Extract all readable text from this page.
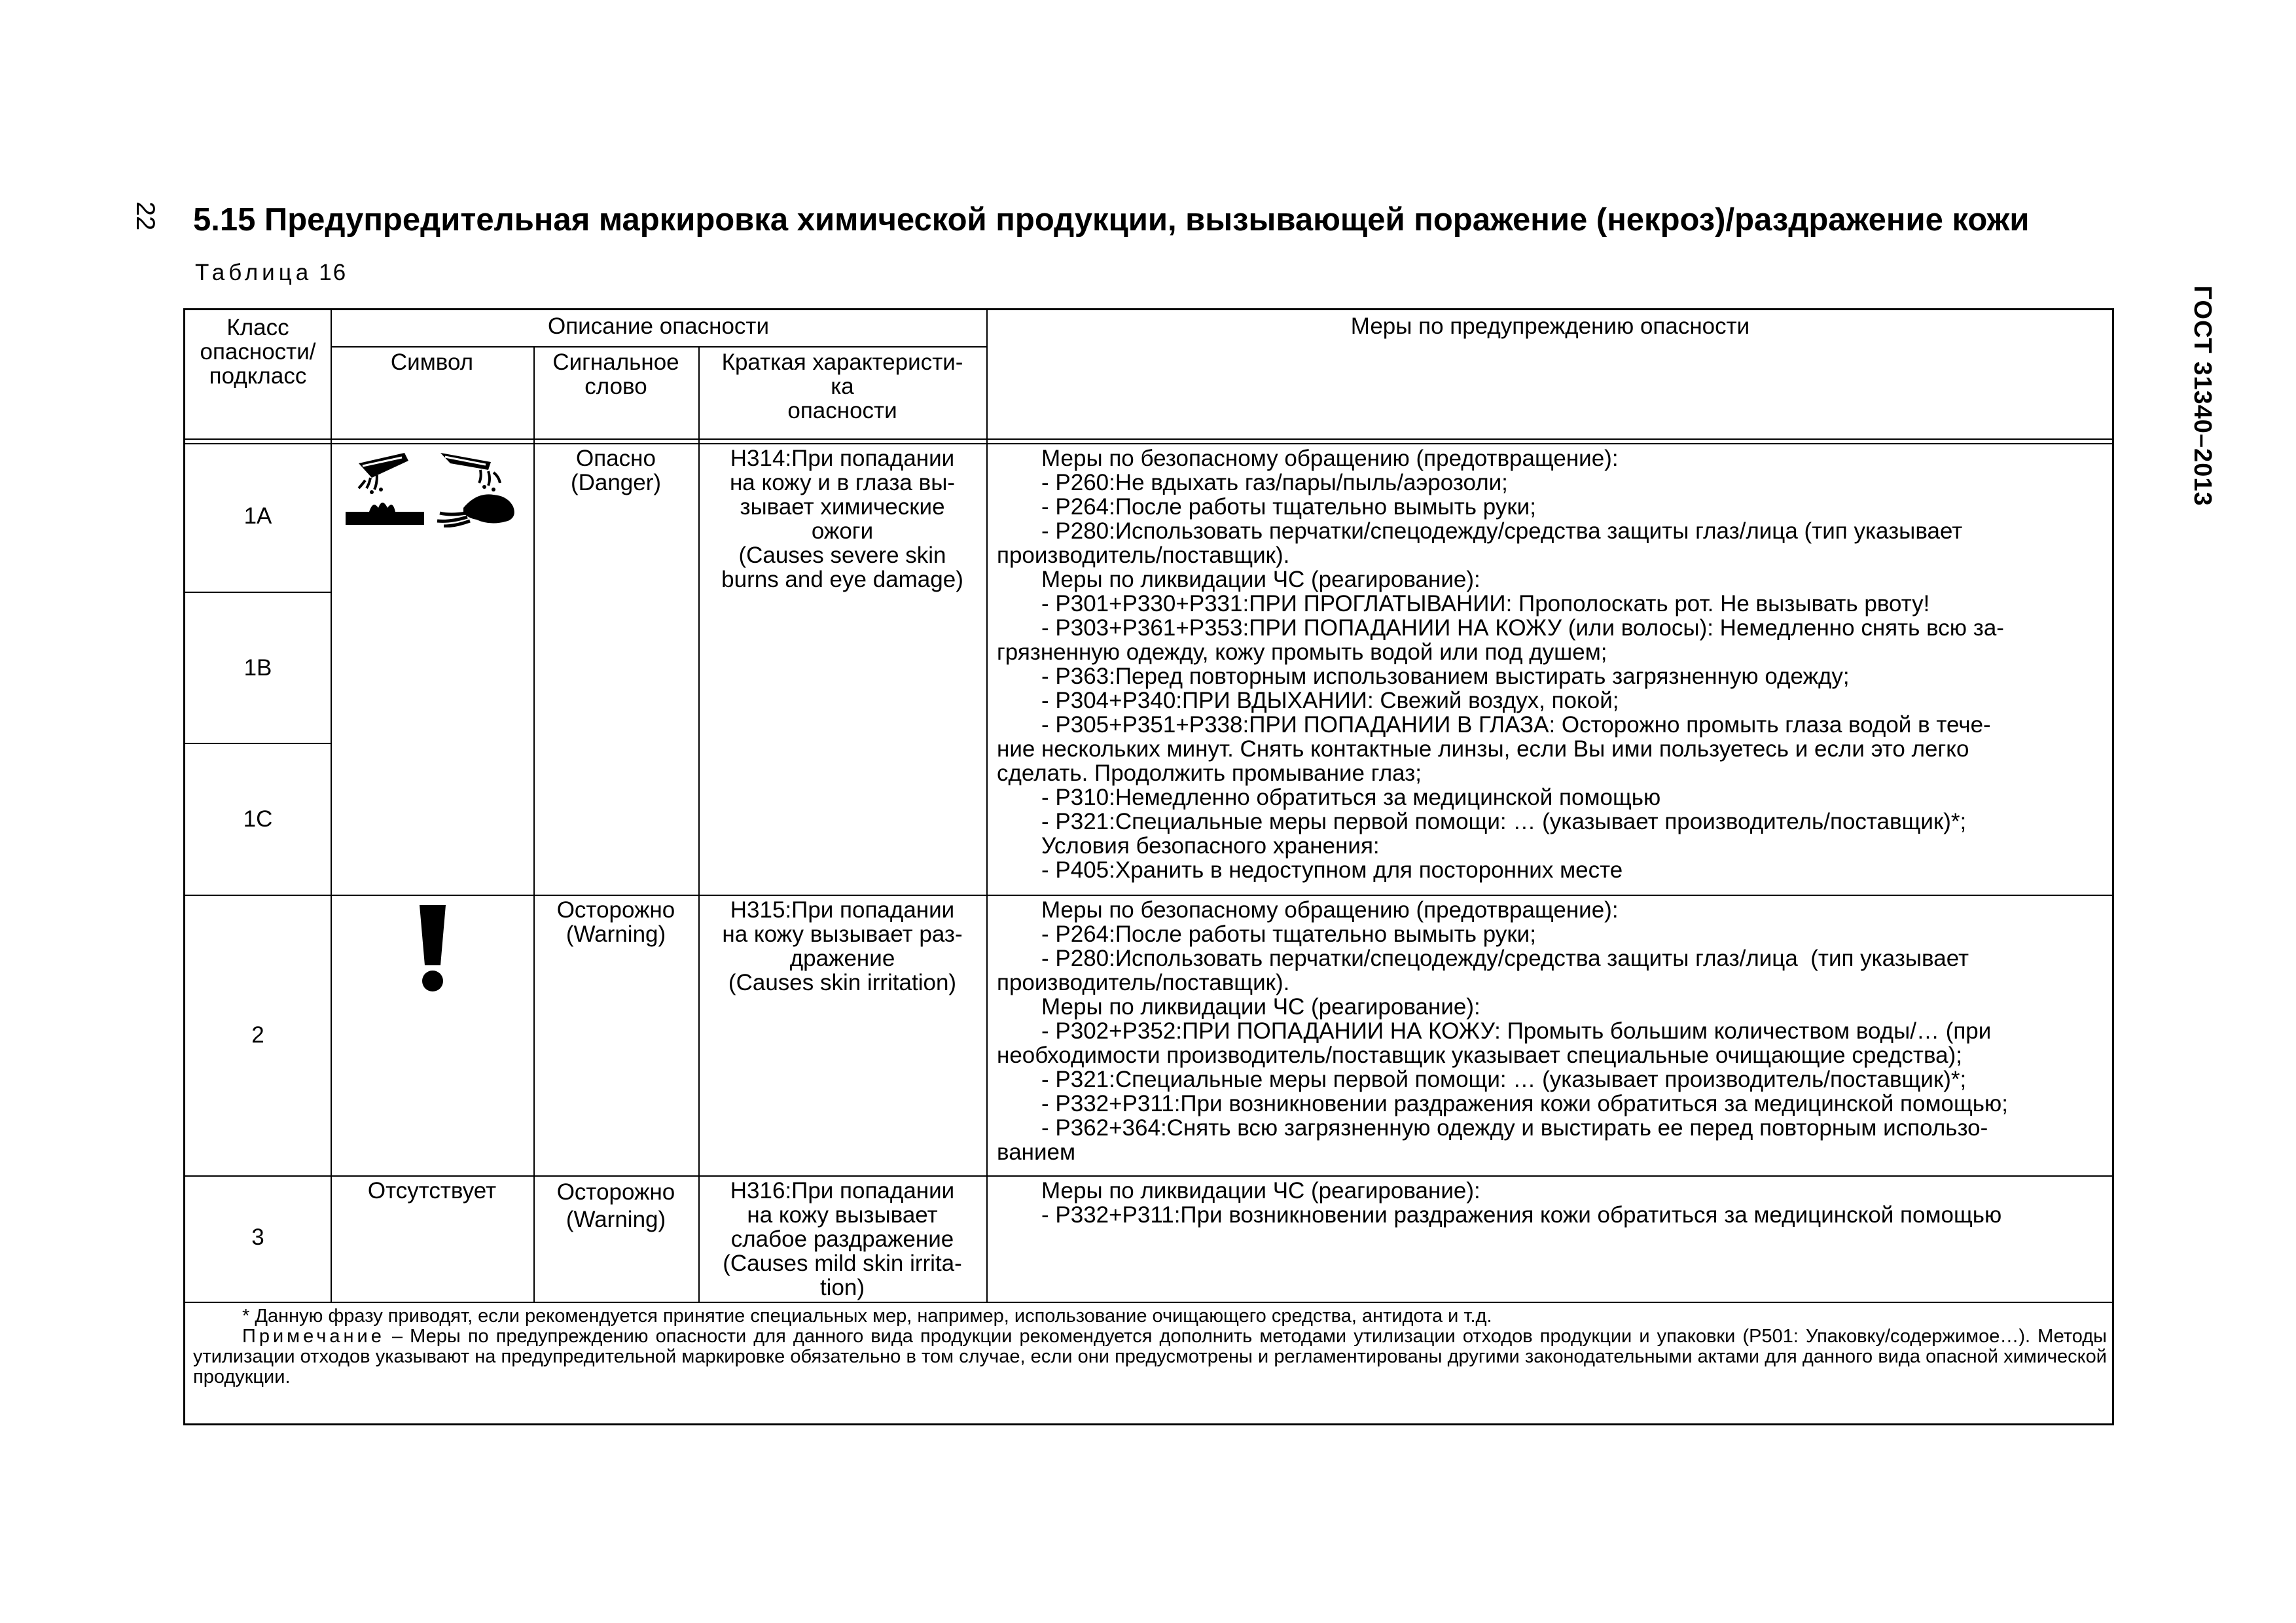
22
ГОСТ 31340–2013
5.15 Предупредительная маркировка химической продукции, вызывающей поражение (некроз)/раздражение кожи
Таблица 16
Класс
опасности/
подкласс
Описание опасности
Символ	Сигнальное
слово
Краткая характеристи-
ка
опасности
Меры по предупреждению опасности
1A
1B
1C
Опасно
(Danger)
H314:При попадании
на кожу и в глаза вы-
зывает химические
ожоги
(Causes severe skin
burns and eye damage)
Меры по безопасному обращению (предотвращение):
- P260:Не вдыхать газ/пары/пыль/аэрозоли;
- P264:После работы тщательно вымыть руки;
- P280:Использовать перчатки/спецодежду/средства защиты глаз/лица (тип указывает
производитель/поставщик).
Меры по ликвидации ЧС (реагирование):
- P301+P330+P331:ПРИ ПРОГЛАТЫВАНИИ: Прополоскать рот. Не вызывать рвоту!
- P303+P361+P353:ПРИ ПОПАДАНИИ НА КОЖУ (или волосы): Немедленно снять всю за-
грязненную одежду, кожу промыть водой или под душем;
- P363:Перед повторным использованием выстирать загрязненную одежду;
- P304+P340:ПРИ ВДЫХАНИИ: Свежий воздух, покой;
- P305+P351+P338:ПРИ ПОПАДАНИИ В ГЛАЗА: Осторожно промыть глаза водой в тече-
ние нескольких минут. Снять контактные линзы, если Вы ими пользуетесь и если это легко
сделать. Продолжить промывание глаз;
- P310:Немедленно обратиться за медицинской помощью
- P321:Специальные меры первой помощи: … (указывает производитель/поставщик)*;
Условия безопасного хранения:
- P405:Хранить в недоступном для посторонних месте
2
Осторожно
(Warning)
H315:При попадании
на кожу вызывает раз-
дражение
(Causes skin irritation)
Меры по безопасному обращению (предотвращение):
- P264:После работы тщательно вымыть руки;
- P280:Использовать перчатки/спецодежду/средства защиты глаз/лица  (тип указывает
производитель/поставщик).
Меры по ликвидации ЧС (реагирование):
- P302+P352:ПРИ ПОПАДАНИИ НА КОЖУ: Промыть большим количеством воды/… (при
необходимости производитель/поставщик указывает специальные очищающие средства);
- P321:Специальные меры первой помощи: … (указывает производитель/поставщик)*;
- P332+P311:При возникновении раздражения кожи обратиться за медицинской помощью;
- P362+364:Снять всю загрязненную одежду и выстирать ее перед повторным использо-
ванием
3
Отсутствует	Осторожно
(Warning)
H316:При попадании
на кожу вызывает
слабое раздражение
(Causes mild skin irrita-
tion)
Меры по ликвидации ЧС (реагирование):
- P332+P311:При возникновении раздражения кожи обратиться за медицинской помощью
* Данную фразу приводят, если рекомендуется принятие специальных мер, например, использование очищающего средства, антидота и т.д.
Примечание – Меры по предупреждению опасности для данного вида продукции рекомендуется дополнить методами утилизации отходов продукции и упаковки (P501: Упаковку/содержимое…). Методы утилизации отходов указывают на предупредительной маркировке обязательно в том случае, если они предусмотрены и регламентированы другими законодательными актами для данного вида опасной химической продукции.
